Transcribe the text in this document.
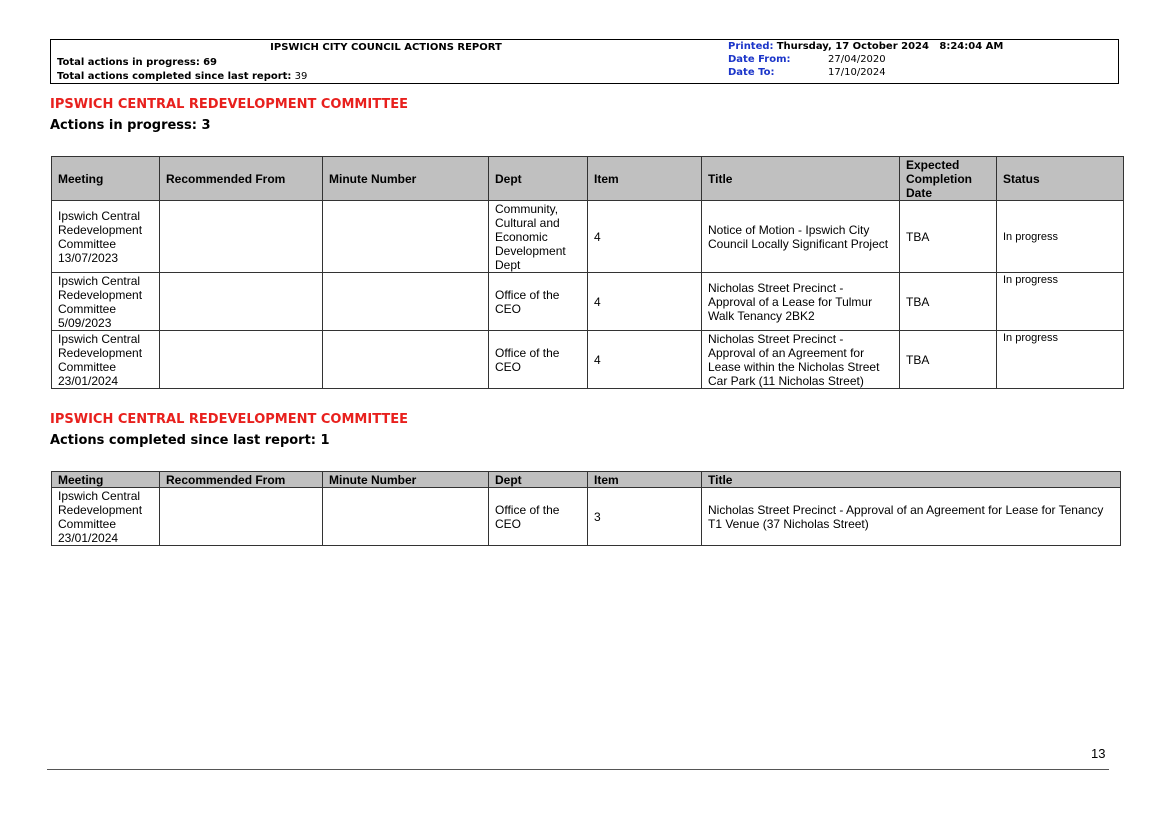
IPSWICH CITY COUNCIL ACTIONS REPORT
Total actions in progress: 69
Total actions completed since last report: 39
Printed: Thursday, 17 October 2024   8:24:04 AM
Date From:	27/04/2020
Date To:	17/10/2024
IPSWICH CENTRAL REDEVELOPMENT COMMITTEE
Actions in progress: 3
Meeting	Recommended From	Minute Number	Dept	Item	Title	Expected Completion Date	Status
Ipswich Central Redevelopment Committee 13/07/2023			Community, Cultural and Economic Development Dept	4	Notice of Motion - Ipswich City Council Locally Significant Project	TBA	In progress
Ipswich Central Redevelopment Committee 5/09/2023			Office of the CEO	4	Nicholas Street Precinct - Approval of a Lease for Tulmur Walk Tenancy 2BK2	TBA	In progress
Ipswich Central Redevelopment Committee 23/01/2024			Office of the CEO	4	Nicholas Street Precinct - Approval of an Agreement for Lease within the Nicholas Street Car Park (11 Nicholas Street)	TBA	In progress
IPSWICH CENTRAL REDEVELOPMENT COMMITTEE
Actions completed since last report: 1
Meeting	Recommended From	Minute Number	Dept	Item	Title
Ipswich Central Redevelopment Committee 23/01/2024			Office of the CEO	3	Nicholas Street Precinct - Approval of an Agreement for Lease for Tenancy T1 Venue (37 Nicholas Street)
13
